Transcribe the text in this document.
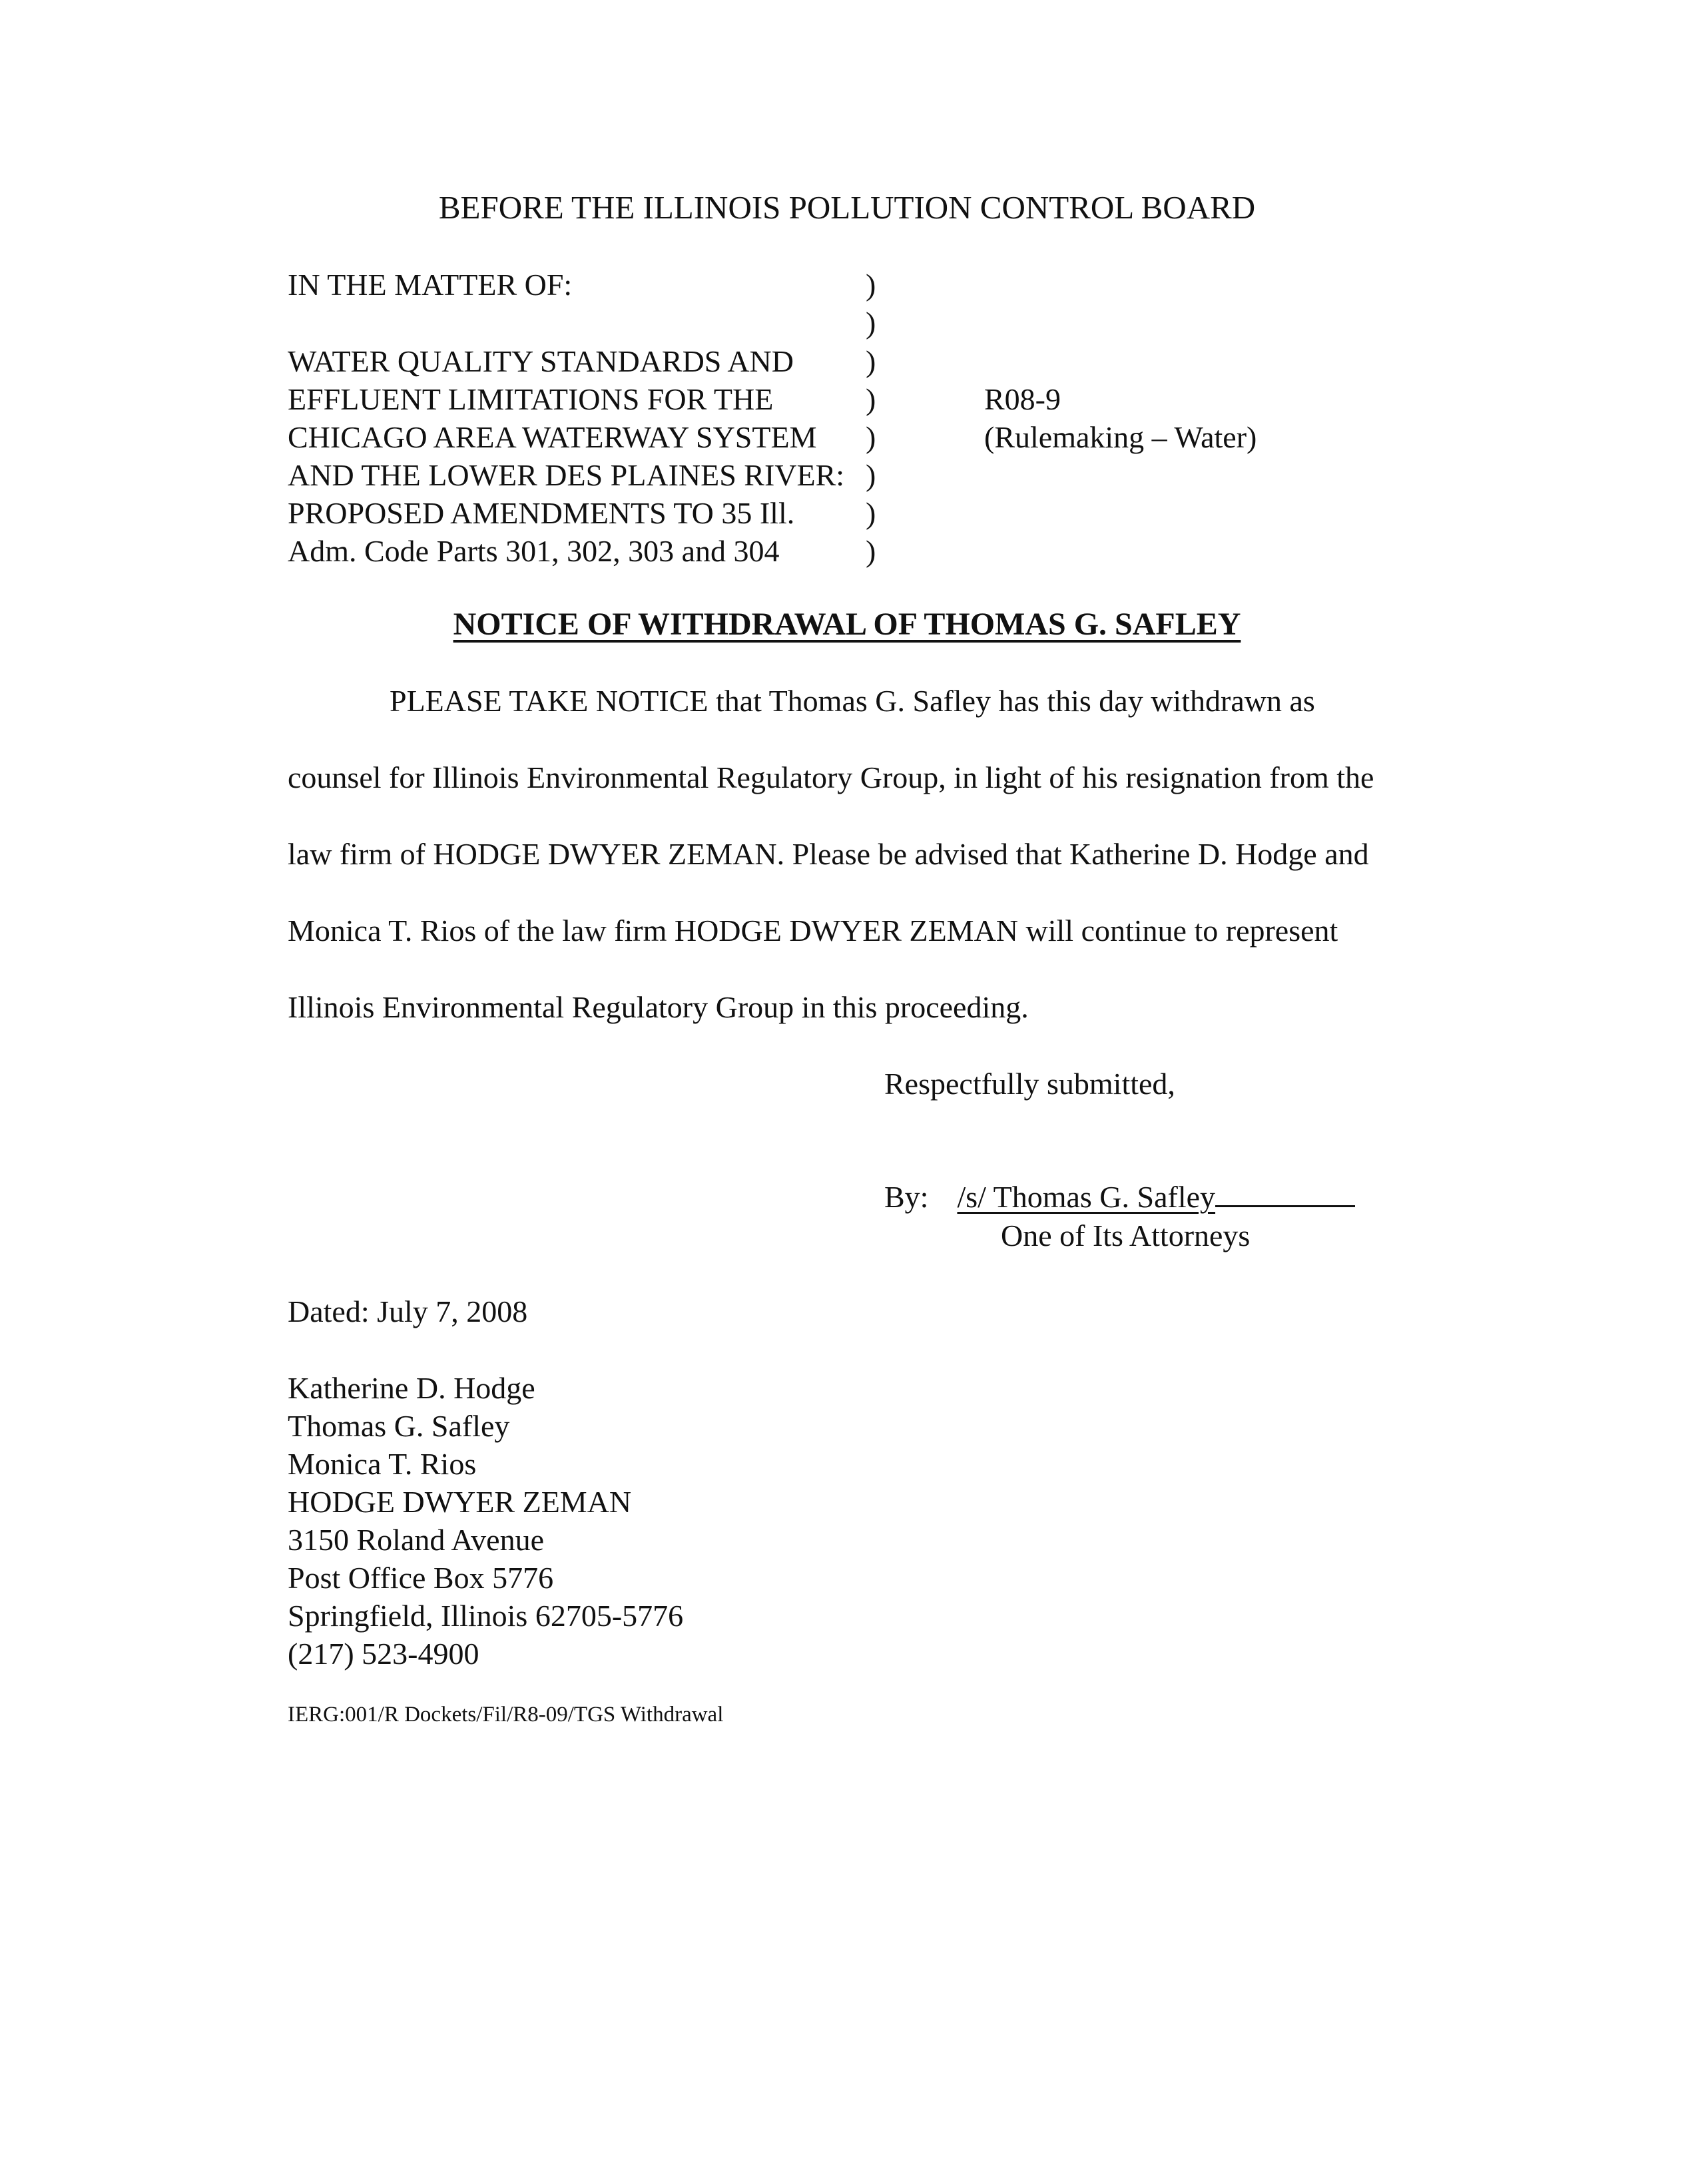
BEFORE THE ILLINOIS POLLUTION CONTROL BOARD
IN THE MATTER OF:
WATER QUALITY STANDARDS AND
EFFLUENT LIMITATIONS FOR THE
CHICAGO AREA WATERWAY SYSTEM
AND THE LOWER DES PLAINES RIVER:
PROPOSED AMENDMENTS TO 35 Ill.
Adm. Code Parts 301, 302, 303 and 304
)
)
)
)
)
)
)
)
R08-9
(Rulemaking – Water)
NOTICE OF WITHDRAWAL OF THOMAS G. SAFLEY
PLEASE TAKE NOTICE that Thomas G. Safley has this day withdrawn as
counsel for Illinois Environmental Regulatory Group, in light of his resignation from the
law firm of HODGE DWYER ZEMAN. Please be advised that Katherine D. Hodge and
Monica T. Rios of the law firm HODGE DWYER ZEMAN will continue to represent
Illinois Environmental Regulatory Group in this proceeding.
Respectfully submitted,
By: /s/ Thomas G. Safley
One of Its Attorneys
Dated: July 7, 2008
Katherine D. Hodge
Thomas G. Safley
Monica T. Rios
HODGE DWYER ZEMAN
3150 Roland Avenue
Post Office Box 5776
Springfield, Illinois 62705-5776
(217) 523-4900
IERG:001/R Dockets/Fil/R8-09/TGS Withdrawal
